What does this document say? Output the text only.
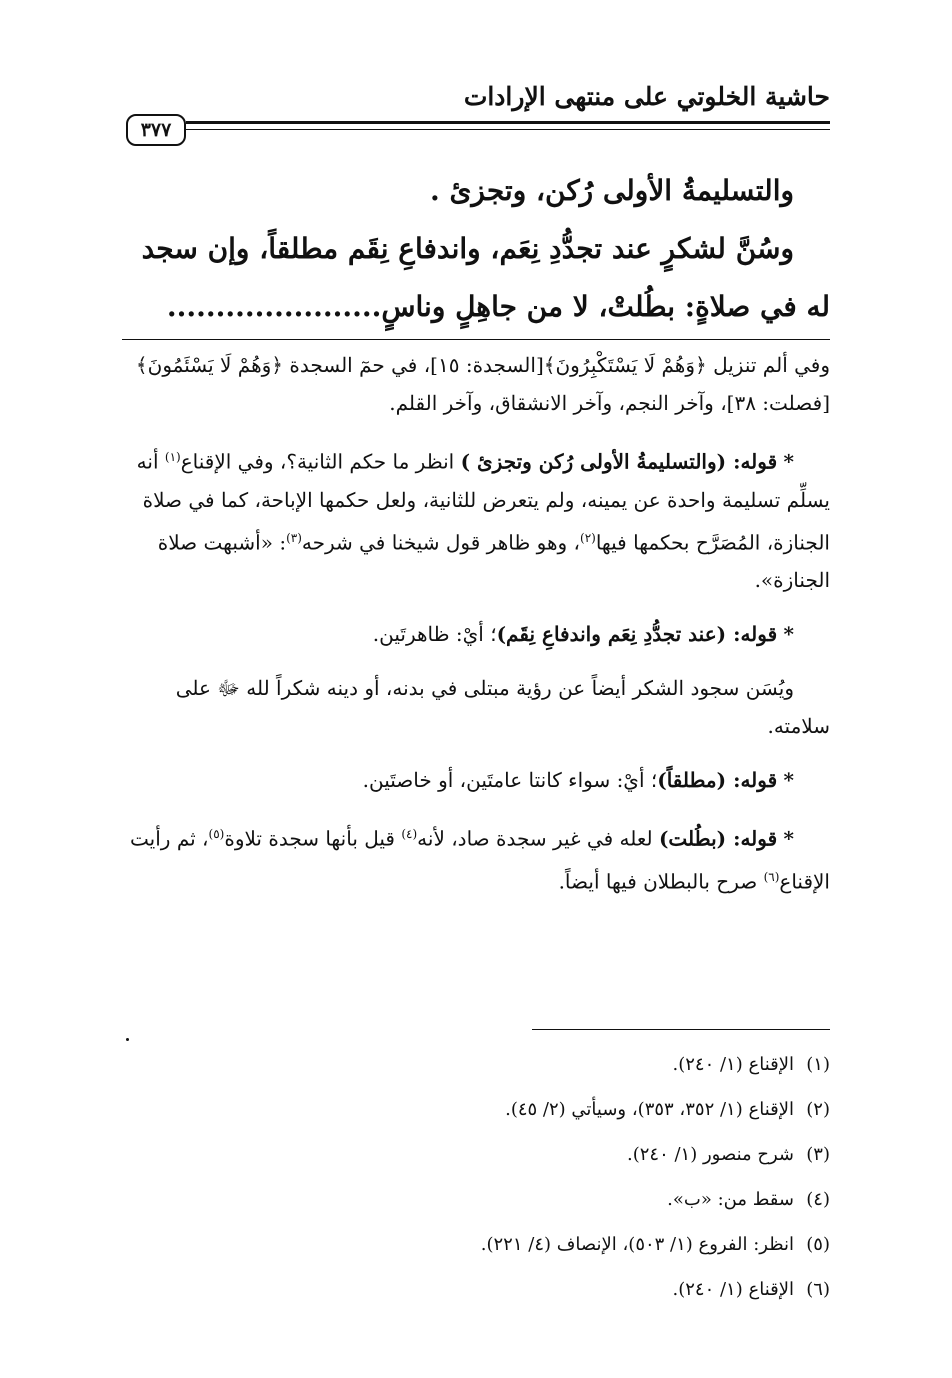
حاشية الخلوتي على منتهى الإرادات
٣٧٧

والتسليمةُ الأولى رُكن، وتجزئ .

وسُنَّ لشكرٍ عند تجدُّدِ نِعَم، واندفاعِ نِقَم مطلقاً، وإن سجد له في صلاةٍ: بطُلتْ، لا من جاهِلٍ وناسٍ......................

وفي ألم تنزيل ﴿وَهُمْ لَا يَسْتَكْبِرُونَ﴾[السجدة: ١٥]، في حمٓ السجدة ﴿وَهُمْ لَا يَسْئَمُونَ﴾[فصلت: ٣٨]، وآخر النجم، وآخر الانشقاق، وآخر القلم.

* قوله: (والتسليمةُ الأولى رُكن وتجزئ ) انظر ما حكم الثانية؟، وفي الإقناع$^{(١)}$ أنه يسلِّم تسليمة واحدة عن يمينه، ولم يتعرض للثانية، ولعل حكمها الإباحة، كما في صلاة الجنازة، المُصَرَّح بحكمها فيها$^{(٢)}$، وهو ظاهر قول شيخنا في شرحه$^{(٣)}$: «أشبهت صلاة الجنازة».

* قوله: (عند تجدُّدِ نِعَم واندفاعِ نِقَم)؛ أيْ: ظاهرتَين.

ويُسَن سجود الشكر أيضاً عن رؤية مبتلى في بدنه، أو دينه شكراً لله ﷻ على سلامته.

* قوله: (مطلقاً)؛ أيْ: سواء كانتا عامتَين، أو خاصتَين.

* قوله: (بطُلت) لعله في غير سجدة صاد، لأنه$^{(٤)}$ قيل بأنها سجدة تلاوة$^{(٥)}$، ثم رأيت الإقناع$^{(٦)}$ صرح بالبطلان فيها أيضاً.

(١)الإقناع (١/ ٢٤٠).
(٢)الإقناع (١/ ٣٥٢، ٣٥٣)، وسيأتي (٢/ ٤٥).
(٣)شرح منصور (١/ ٢٤٠).
(٤)سقط من: «ب».
(٥)انظر: الفروع (١/ ٥٠٣)، الإنصاف (٤/ ٢٢١).
(٦)الإقناع (١/ ٢٤٠).
